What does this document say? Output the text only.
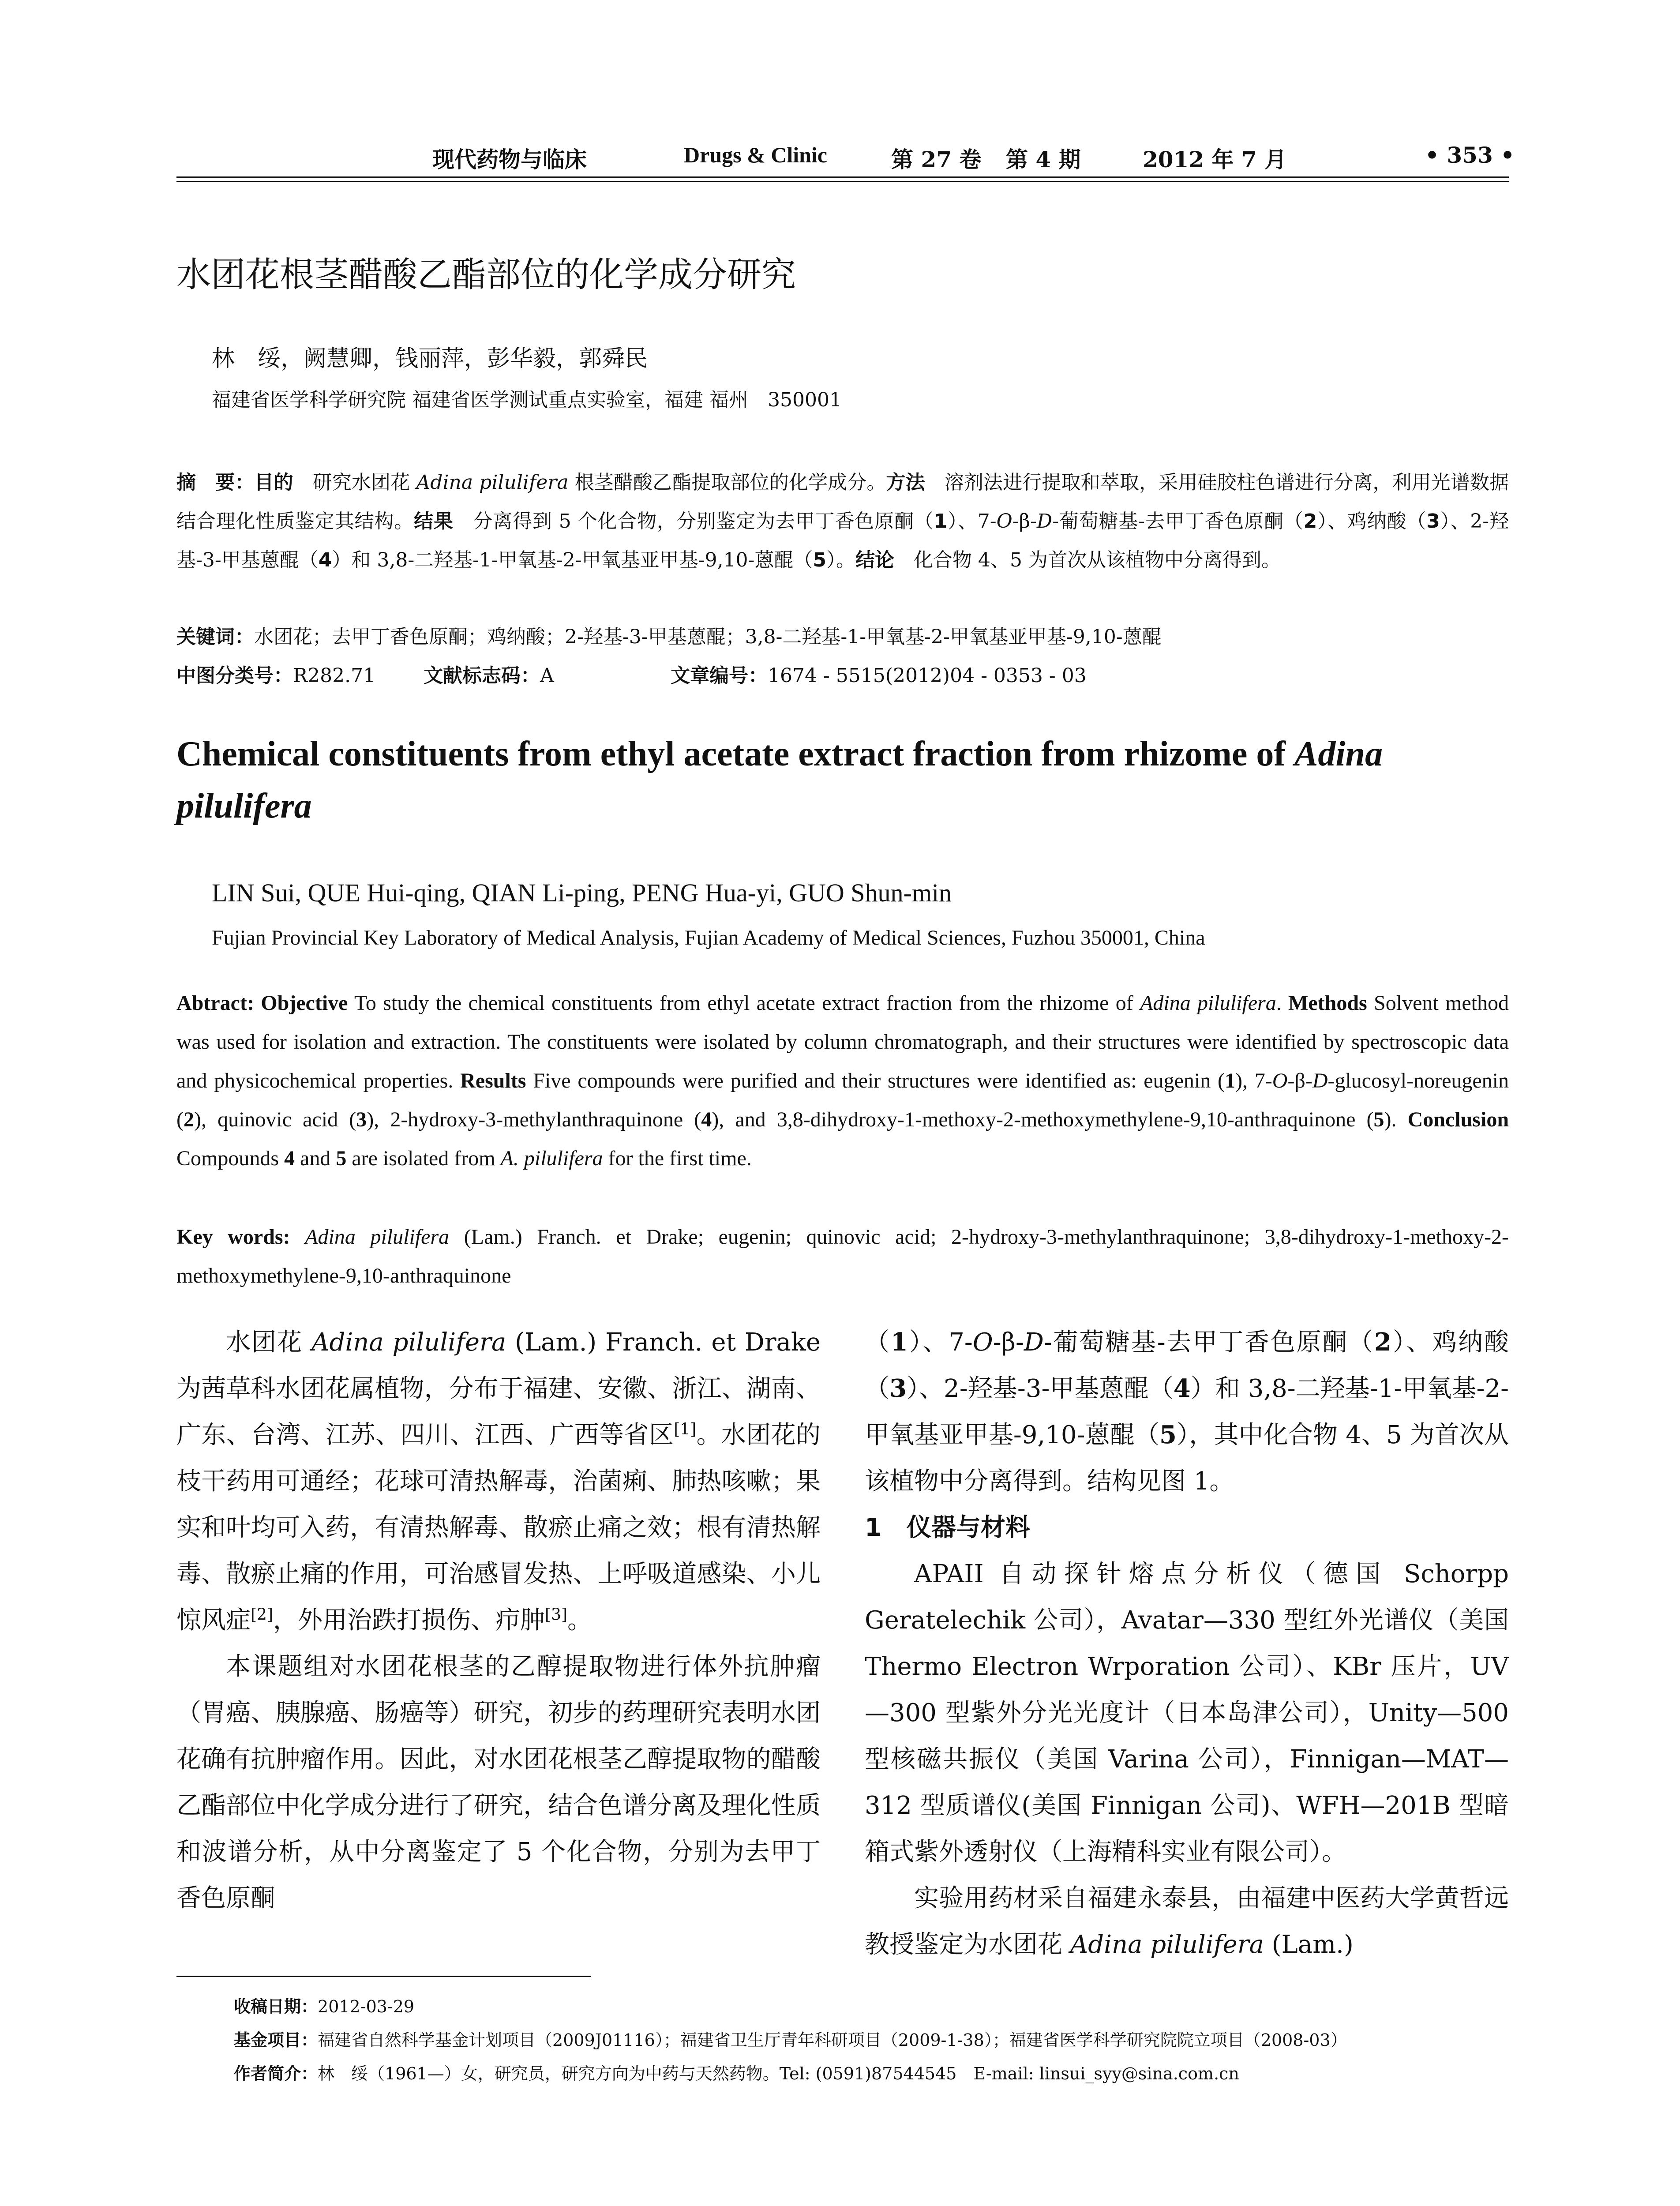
现代药物与临床	Drugs & Clinic	第 27 卷 第 4 期	2012 年 7 月	• 353 •
水团花根茎醋酸乙酯部位的化学成分研究
林　绥，阙慧卿，钱丽萍，彭华毅，郭舜民
福建省医学科学研究院 福建省医学测试重点实验室，福建 福州　350001
摘　要：目的　研究水团花 Adina pilulifera 根茎醋酸乙酯提取部位的化学成分。方法　溶剂法进行提取和萃取，采用硅胶柱色谱进行分离，利用光谱数据结合理化性质鉴定其结构。结果　分离得到 5 个化合物，分别鉴定为去甲丁香色原酮（1）、7-O-β-D-葡萄糖基-去甲丁香色原酮（2）、鸡纳酸（3）、2-羟基-3-甲基蒽醌（4）和 3,8-二羟基-1-甲氧基-2-甲氧基亚甲基-9,10-蒽醌（5）。结论　化合物 4、5 为首次从该植物中分离得到。
关键词：水团花；去甲丁香色原酮；鸡纳酸；2-羟基-3-甲基蒽醌；3,8-二羟基-1-甲氧基-2-甲氧基亚甲基-9,10-蒽醌
中图分类号：R282.71 文献标志码：A	文章编号：1674 - 5515(2012)04 - 0353 - 03
Chemical constituents from ethyl acetate extract fraction from rhizome of Adina pilulifera
LIN Sui, QUE Hui-qing, QIAN Li-ping, PENG Hua-yi, GUO Shun-min
Fujian Provincial Key Laboratory of Medical Analysis, Fujian Academy of Medical Sciences, Fuzhou 350001, China
Abtract: Objective To study the chemical constituents from ethyl acetate extract fraction from the rhizome of Adina pilulifera. Methods Solvent method was used for isolation and extraction. The constituents were isolated by column chromatograph, and their structures were identified by spectroscopic data and physicochemical properties. Results Five compounds were purified and their structures were identified as: eugenin (1), 7-O-β-D-glucosyl-noreugenin (2), quinovic acid (3), 2-hydroxy-3-methylanthraquinone (4), and 3,8-dihydroxy-1-methoxy-2-methoxymethylene-9,10-anthraquinone (5). Conclusion Compounds 4 and 5 are isolated from A. pilulifera for the first time.
Key words: Adina pilulifera (Lam.) Franch. et Drake; eugenin; quinovic acid; 2-hydroxy-3-methylanthraquinone; 3,8-dihydroxy-1-methoxy-2-methoxymethylene-9,10-anthraquinone

水团花 Adina pilulifera (Lam.) Franch. et Drake 为茜草科水团花属植物，分布于福建、安徽、浙江、湖南、广东、台湾、江苏、四川、江西、广西等省区[1]。水团花的枝干药用可通经；花球可清热解毒，治菌痢、肺热咳嗽；果实和叶均可入药，有清热解毒、散瘀止痛之效；根有清热解毒、散瘀止痛的作用，可治感冒发热、上呼吸道感染、小儿惊风症[2]，外用治跌打损伤、疖肿[3]。

本课题组对水团花根茎的乙醇提取物进行体外抗肿瘤（胃癌、胰腺癌、肠癌等）研究，初步的药理研究表明水团花确有抗肿瘤作用。因此，对水团花根茎乙醇提取物的醋酸乙酯部位中化学成分进行了研究，结合色谱分离及理化性质和波谱分析，从中分离鉴定了 5 个化合物，分别为去甲丁香色原酮

（1）、7-O-β-D-葡萄糖基-去甲丁香色原酮（2）、鸡纳酸（3）、2-羟基-3-甲基蒽醌（4）和 3,8-二羟基-1-甲氧基-2-甲氧基亚甲基-9,10-蒽醌（5），其中化合物 4、5 为首次从该植物中分离得到。结构见图 1。

1　仪器与材料

APAII 自动探针熔点分析仪（德国 Schorpp Geratelechik 公司），Avatar—330 型红外光谱仪（美国 Thermo Electron Wrporation 公司）、KBr 压片，UV—300 型紫外分光光度计（日本岛津公司），Unity—500 型核磁共振仪（美国 Varina 公司），Finnigan—MAT—312 型质谱仪(美国 Finnigan 公司)、WFH—201B 型暗箱式紫外透射仪（上海精科实业有限公司）。

实验用药材采自福建永泰县，由福建中医药大学黄哲远教授鉴定为水团花 Adina pilulifera (Lam.)

收稿日期：2012-03-29
基金项目：福建省自然科学基金计划项目（2009J01116）；福建省卫生厅青年科研项目（2009-1-38）；福建省医学科学研究院院立项目（2008-03）
作者简介：林　绥（1961—）女，研究员，研究方向为中药与天然药物。Tel: (0591)87544545　E-mail: linsui_syy@sina.com.cn
